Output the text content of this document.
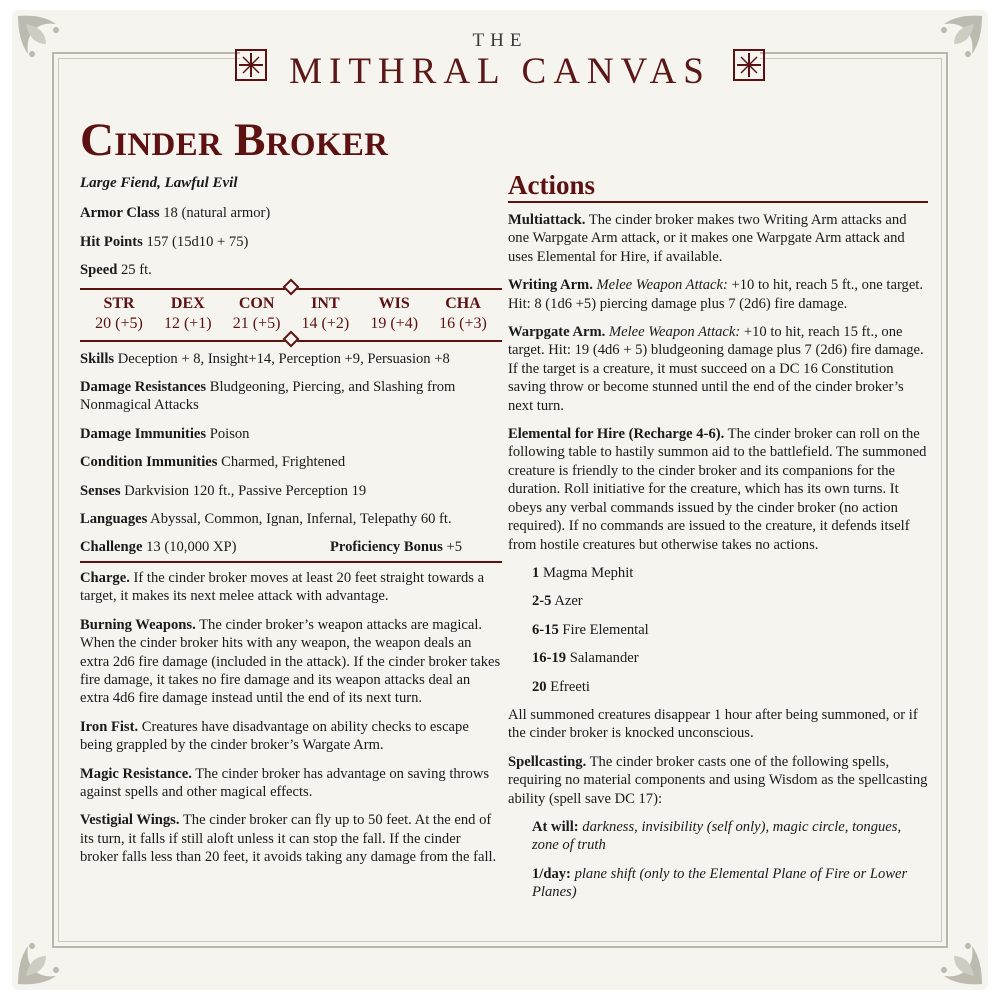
THE
MITHRAL CANVAS
Cinder Broker
Large Fiend, Lawful Evil
Armor Class 18 (natural armor)
Hit Points 157 (15d10 + 75)
Speed 25 ft.
STR
20 (+5)
DEX
12 (+1)
CON
21 (+5)
INT
14 (+2)
WIS
19 (+4)
CHA
16 (+3)
Skills Deception + 8, Insight+14, Perception +9, Persuasion +8
Damage Resistances Bludgeoning, Piercing, and Slashing from Nonmagical Attacks
Damage Immunities Poison
Condition Immunities Charmed, Frightened
Senses Darkvision 120 ft., Passive Perception 19
Languages Abyssal, Common, Ignan, Infernal, Telepathy 60 ft.
Challenge 13 (10,000 XP)	Proficiency Bonus +5
Charge. If the cinder broker moves at least 20 feet straight towards a target, it makes its next melee attack with advantage.
Burning Weapons. The cinder broker’s weapon attacks are magical. When the cinder broker hits with any weapon, the weapon deals an extra 2d6 fire damage (included in the attack). If the cinder broker takes fire damage, it takes no fire damage and its weapon attacks deal an extra 4d6 fire damage instead until the end of its next turn.
Iron Fist. Creatures have disadvantage on ability checks to escape being grappled by the cinder broker’s Wargate Arm.
Magic Resistance. The cinder broker has advantage on saving throws against spells and other magical effects.
Vestigial Wings. The cinder broker can fly up to 50 feet. At the end of its turn, it falls if still aloft unless it can stop the fall. If the cinder broker falls less than 20 feet, it avoids taking any damage from the fall.
Actions
Multiattack. The cinder broker makes two Writing Arm attacks and one Warpgate Arm attack, or it makes one Warpgate Arm attack and uses Elemental for Hire, if available.
Writing Arm. Melee Weapon Attack: +10 to hit, reach 5 ft., one target. Hit: 8 (1d6 +5) piercing damage plus 7 (2d6) fire damage.
Warpgate Arm. Melee Weapon Attack: +10 to hit, reach 15 ft., one target. Hit: 19 (4d6 + 5) bludgeoning damage plus 7 (2d6) fire damage. If the target is a creature, it must succeed on a DC 16 Constitution saving throw or become stunned until the end of the cinder broker’s next turn.
Elemental for Hire (Recharge 4-6). The cinder broker can roll on the following table to hastily summon aid to the battlefield. The summoned creature is friendly to the cinder broker and its companions for the duration. Roll initiative for the creature, which has its own turns. It obeys any verbal commands issued by the cinder broker (no action required). If no commands are issued to the creature, it defends itself from hostile creatures but otherwise takes no actions.
1 Magma Mephit
2-5 Azer
6-15 Fire Elemental
16-19 Salamander
20 Efreeti
All summoned creatures disappear 1 hour after being summoned, or if the cinder broker is knocked unconscious.
Spellcasting. The cinder broker casts one of the following spells, requiring no material components and using Wisdom as the spellcasting ability (spell save DC 17):
At will: darkness, invisibility (self only), magic circle, tongues, zone of truth
1/day: plane shift (only to the Elemental Plane of Fire or Lower Planes)
